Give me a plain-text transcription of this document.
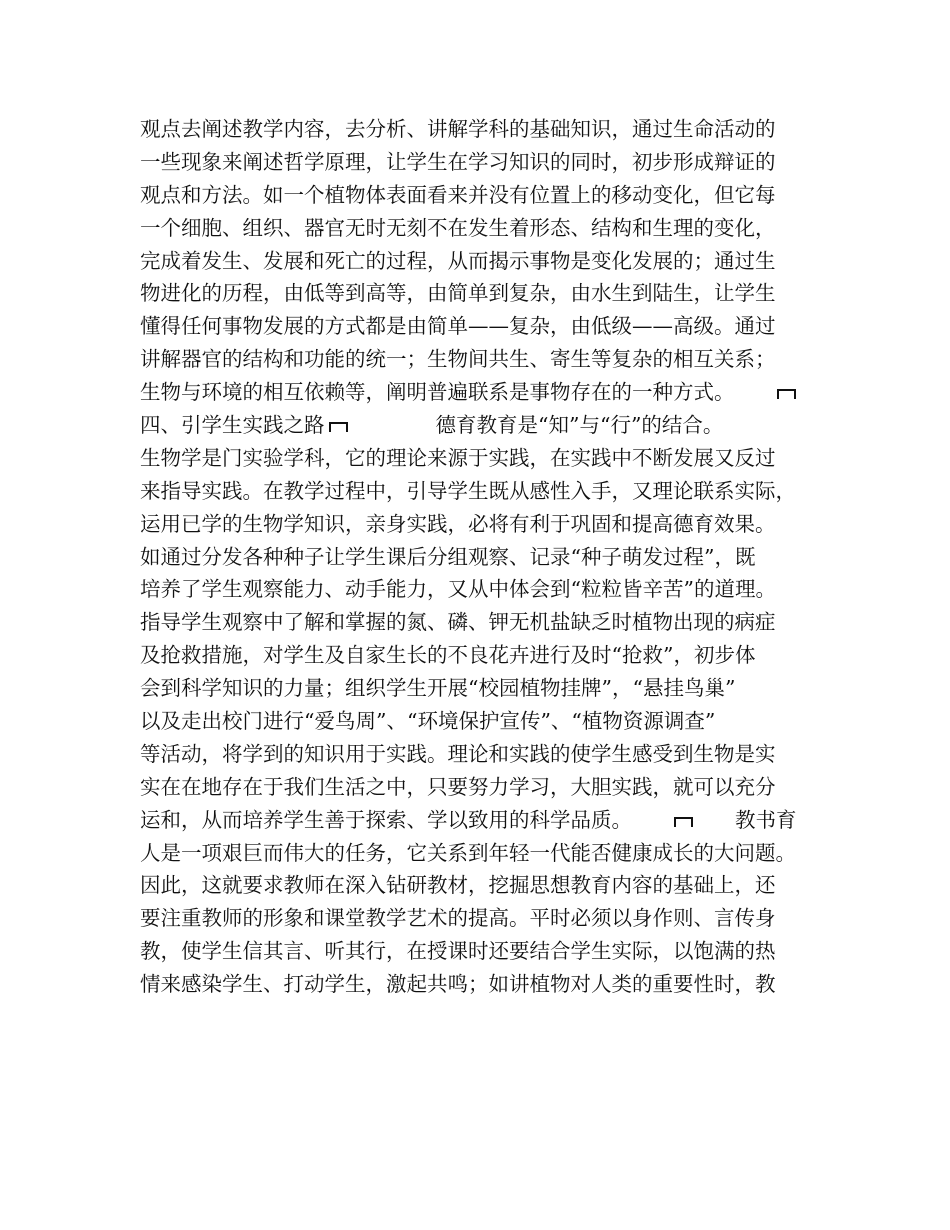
观点去阐述教学内容，去分析、讲解学科的基础知识，通过生命活动的
一些现象来阐述哲学原理，让学生在学习知识的同时，初步形成辩证的
观点和方法。如一个植物体表面看来并没有位置上的移动变化，但它每
一个细胞、组织、器官无时无刻不在发生着形态、结构和生理的变化，
完成着发生、发展和死亡的过程，从而揭示事物是变化发展的；通过生
物进化的历程，由低等到高等，由简单到复杂，由水生到陆生，让学生
懂得任何事物发展的方式都是由简单——复杂，由低级——高级。通过
讲解器官的结构和功能的统一；生物间共生、寄生等复杂的相互关系；
生物与环境的相互依赖等，阐明普遍联系是事物存在的一种方式。
四、引学生实践之路	德育教育是“知”与“行”的结合。
生物学是门实验学科，它的理论来源于实践，在实践中不断发展又反过
来指导实践。在教学过程中，引导学生既从感性入手，又理论联系实际，
运用已学的生物学知识，亲身实践，必将有利于巩固和提高德育效果。
如通过分发各种种子让学生课后分组观察、记录“种子萌发过程”，既
培养了学生观察能力、动手能力，又从中体会到“粒粒皆辛苦”的道理。
指导学生观察中了解和掌握的氮、磷、钾无机盐缺乏时植物出现的病症
及抢救措施，对学生及自家生长的不良花卉进行及时“抢救”，初步体
会到科学知识的力量；组织学生开展“校园植物挂牌”，“悬挂鸟巢”
以及走出校门进行“爱鸟周”、“环境保护宣传”、“植物资源调查”
等活动，将学到的知识用于实践。理论和实践的使学生感受到生物是实
实在在地存在于我们生活之中，只要努力学习，大胆实践，就可以充分
运和，从而培养学生善于探索、学以致用的科学品质。	教书育
人是一项艰巨而伟大的任务，它关系到年轻一代能否健康成长的大问题。
因此，这就要求教师在深入钻研教材，挖掘思想教育内容的基础上，还
要注重教师的形象和课堂教学艺术的提高。平时必须以身作则、言传身
教，使学生信其言、听其行，在授课时还要结合学生实际，以饱满的热
情来感染学生、打动学生，激起共鸣；如讲植物对人类的重要性时，教
